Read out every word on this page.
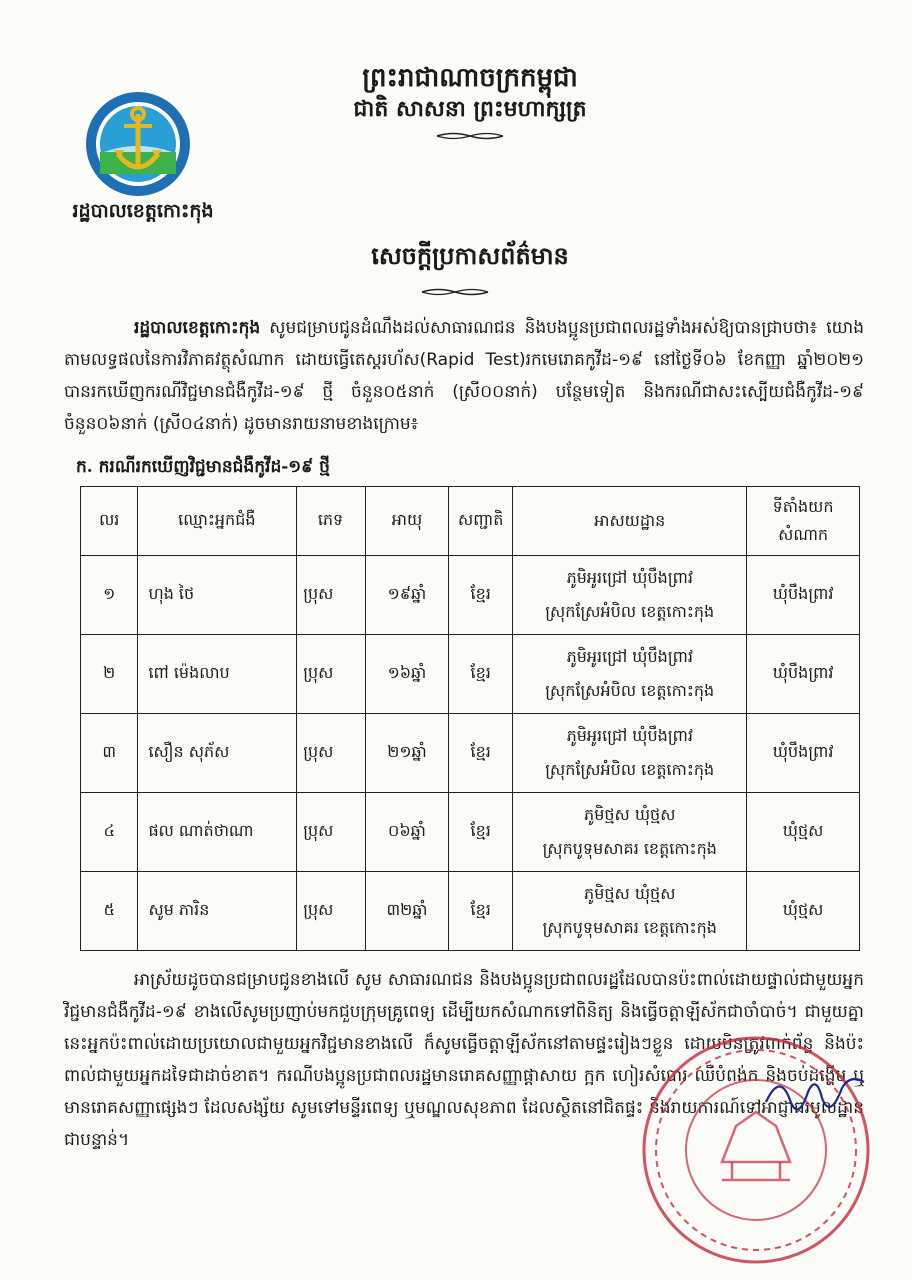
ព្រះរាជាណាចក្រកម្ពុជា
ជាតិ សាសនា ព្រះមហាក្សត្រ
រដ្ឋបាលខេត្តកោះកុង
សេចក្តីប្រកាសព័ត៌មាន

រដ្ឋបាលខេត្តកោះកុង សូមជម្រាបជូនដំណឹងដល់សាធារណជន និងបងប្អូនប្រជាពលរដ្ឋទាំងអស់ឱ្យបានជ្រាបថា៖ យោងតាមលទ្ធផលនៃការវិភាគវត្ថុសំណាក ដោយធ្វើតេស្តរហ័ស(Rapid Test)រកមេរោគកូវីដ-១៩ នៅថ្ងៃទី០៦ ខែកញ្ញា ឆ្នាំ២០២១ បានរកឃើញករណីវិជ្ជមានជំងឺកូវីដ-១៩ ថ្មី ចំនួន០៥នាក់ (ស្រី០០នាក់) បន្ថែមទៀត និងករណីជាសះស្បើយជំងឺកូវីដ-១៩ ចំនួន០៦នាក់ (ស្រី០៤នាក់) ដូចមានរាយនាមខាងក្រោម៖

ក. ករណីរកឃើញវិជ្ជមានជំងឺកូវីដ-១៩ ថ្មី
លរ	ឈ្មោះអ្នកជំងឺ	ភេទ	អាយុ	សញ្ជាតិ	អាសយដ្ឋាន	ទីតាំងយកសំណាក
១	ហុង ថៃ	ប្រុស	១៩ឆ្នាំ	ខ្មែរ	ភូមិអូរជ្រៅ ឃុំបឹងព្រាវ
ស្រុកស្រែអំបិល ខេត្តកោះកុង	ឃុំបឹងព្រាវ
២	ពៅ ម៉េងលាប	ប្រុស	១៦ឆ្នាំ	ខ្មែរ	ភូមិអូរជ្រៅ ឃុំបឹងព្រាវ
ស្រុកស្រែអំបិល ខេត្តកោះកុង	ឃុំបឹងព្រាវ
៣	សឿន សុភ័ស	ប្រុស	២១ឆ្នាំ	ខ្មែរ	ភូមិអូរជ្រៅ ឃុំបឹងព្រាវ
ស្រុកស្រែអំបិល ខេត្តកោះកុង	ឃុំបឹងព្រាវ
៤	ផល ណាត់ថាណា	ប្រុស	០៦ឆ្នាំ	ខ្មែរ	ភូមិថ្មស ឃុំថ្មស
ស្រុកបូទុមសាគរ ខេត្តកោះកុង	ឃុំថ្មស
៥	សូម ភារិន	ប្រុស	៣២ឆ្នាំ	ខ្មែរ	ភូមិថ្មស ឃុំថ្មស
ស្រុកបូទុមសាគរ ខេត្តកោះកុង	ឃុំថ្មស

អាស្រ័យដូចបានជម្រាបជូនខាងលើ សូម សាធារណជន និងបងប្អូនប្រជាពលរដ្ឋដែលបានប៉ះពាល់ដោយផ្ទាល់ជាមួយអ្នកវិជ្ជមានជំងឺកូវីដ-១៩ ខាងលើសូមប្រញាប់មកជួបក្រុមគ្រូពេទ្យ ដើម្បីយកសំណាកទៅពិនិត្យ និងធ្វើចត្តាឡីស័កជាចាំបាច់។ ជាមួយគ្នានេះអ្នកប៉ះពាល់ដោយប្រយោលជាមួយអ្នកវិជ្ជមានខាងលើ ក៏សូមធ្វើចត្តាឡីស័កនៅតាមផ្ទះរៀងៗខ្លួន ដោយមិនត្រូវពាក់ព័ន្ធ និងប៉ះពាល់ជាមួយអ្នកដទៃជាដាច់ខាត។ ករណីបងប្អូនប្រជាពលរដ្ឋមានរោគសញ្ញាផ្តាសាយ ក្អក ហៀរសំបោរ ឈឺបំពង់ក និងចប់ដង្ហើម ឬមានរោគសញ្ញាផ្សេងៗ ដែលសង្ស័យ សូមទៅមន្ទីរពេទ្យ ឬមណ្ឌលសុខភាព ដែលស្ថិតនៅជិតផ្ទះ និងរាយការណ៍ទៅអាជ្ញាធរមូលដ្ឋានជាបន្ទាន់។
